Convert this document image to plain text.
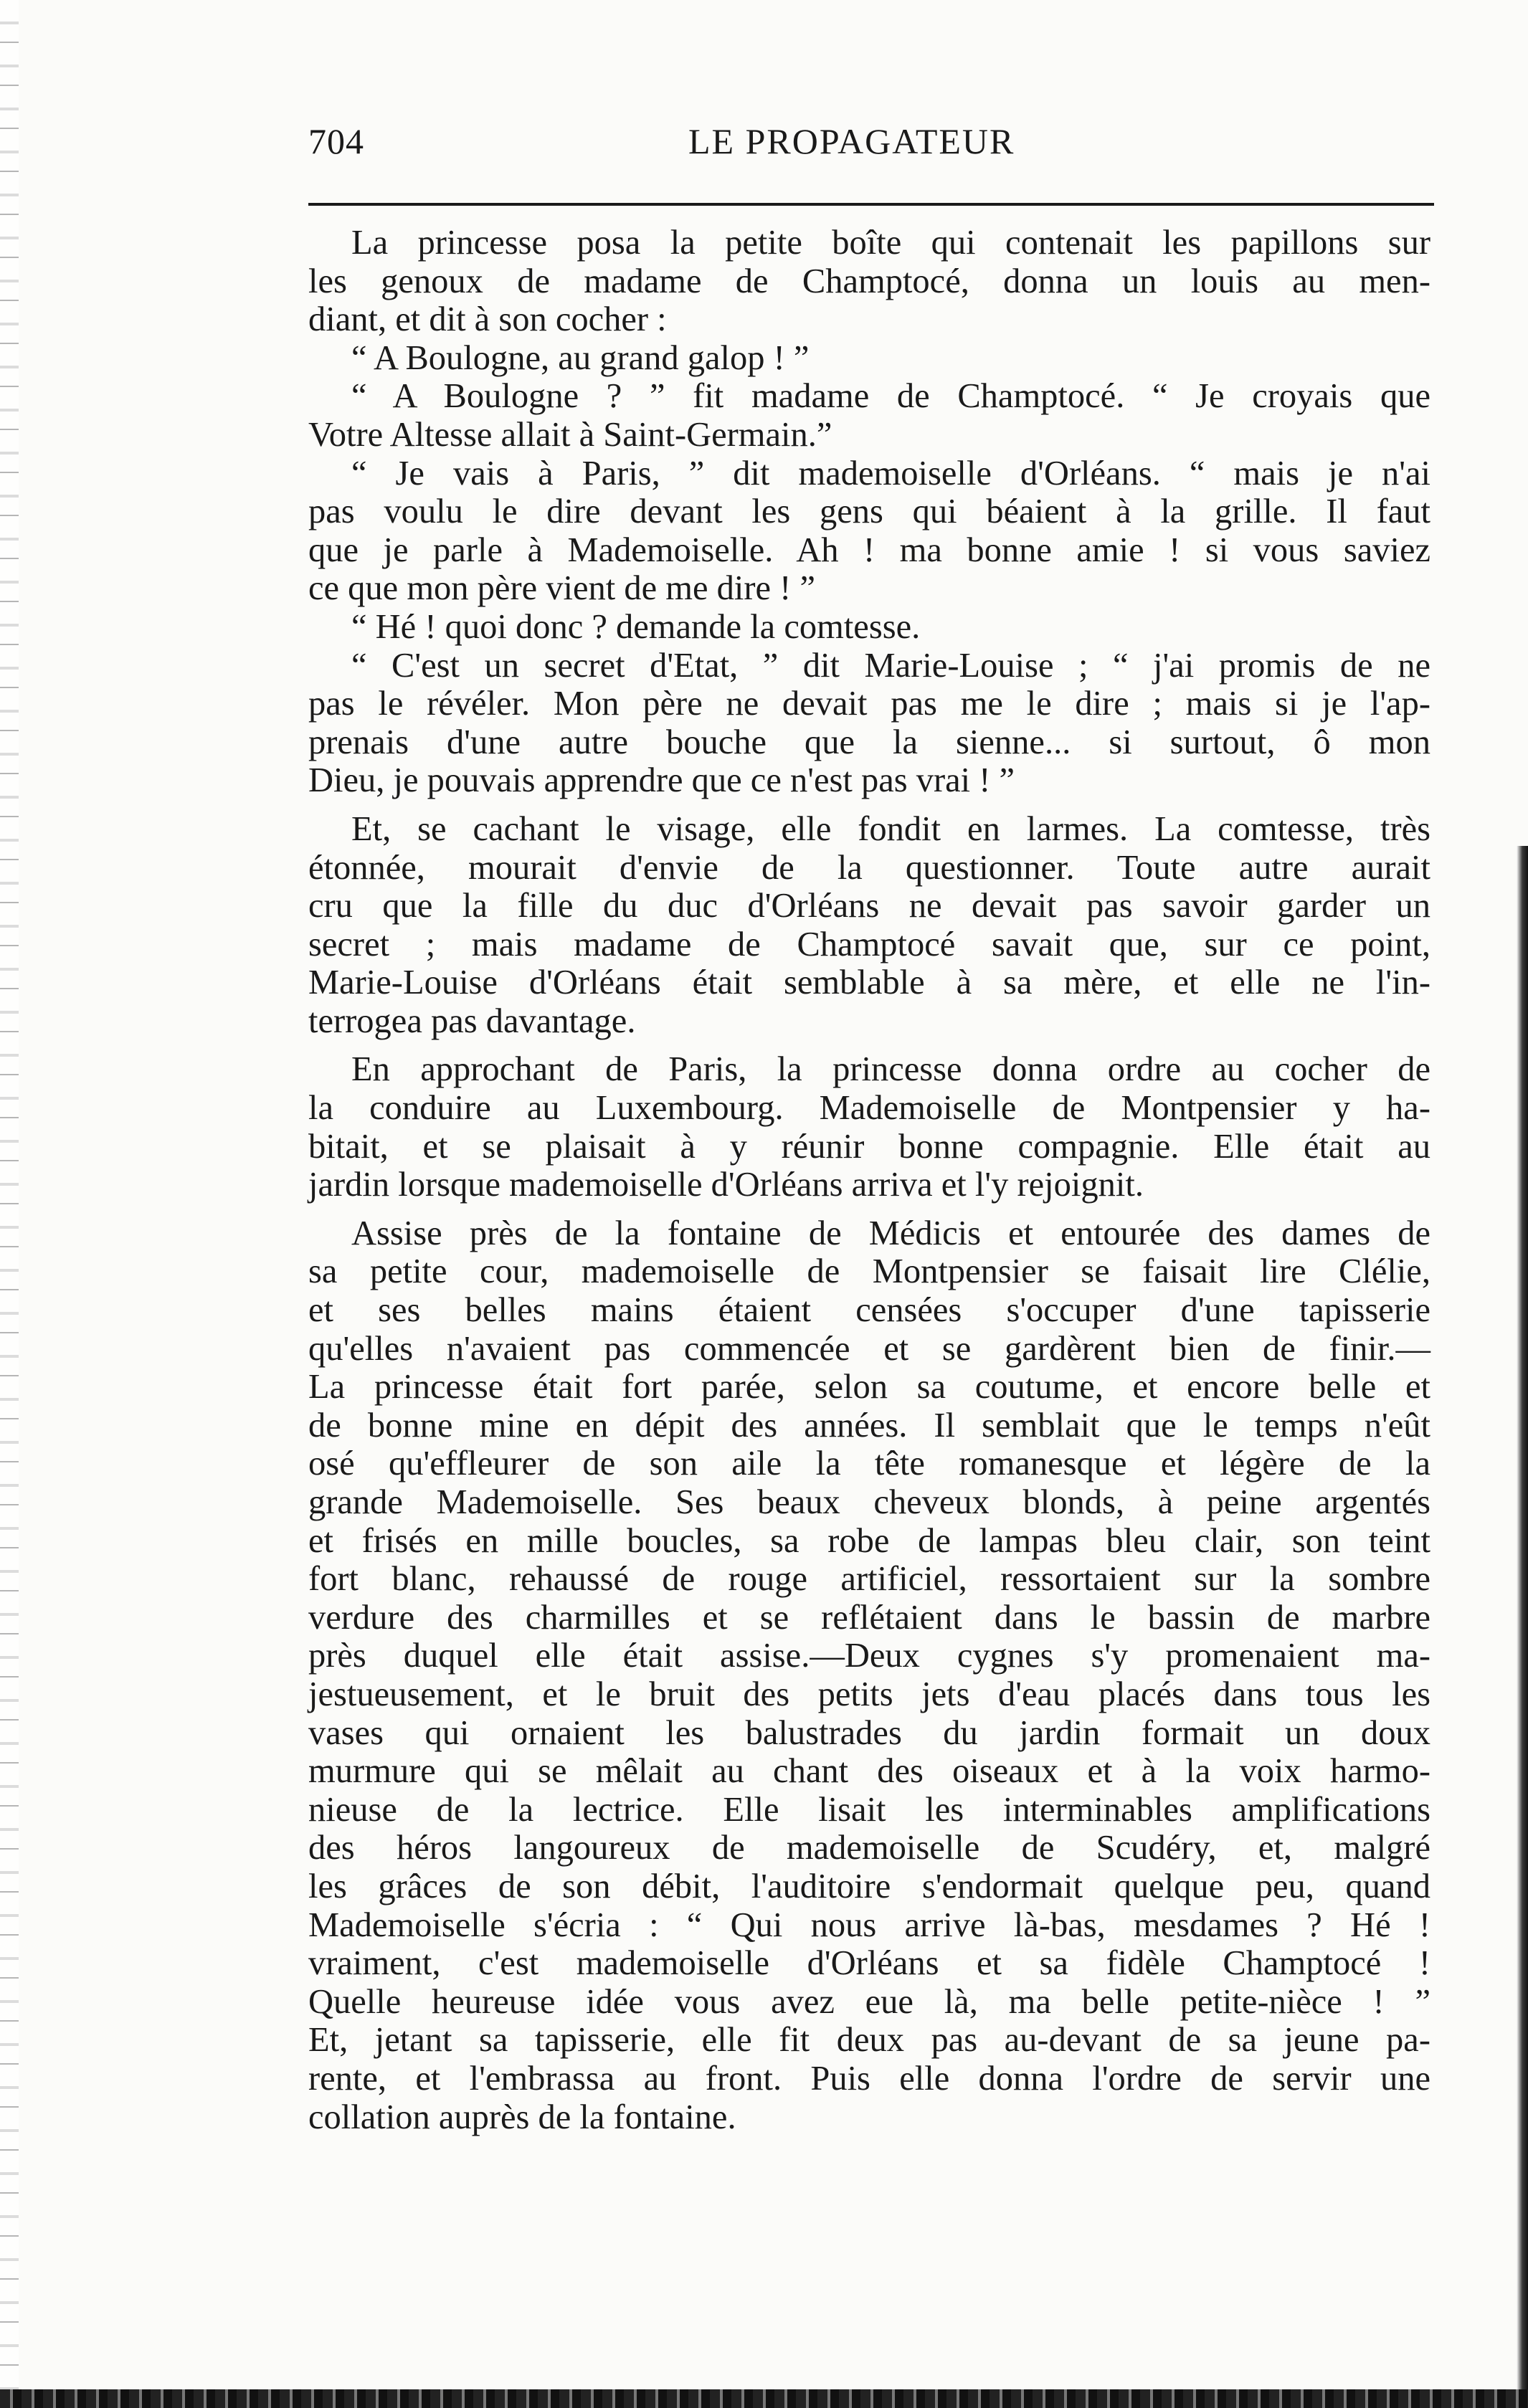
704	LE PROPAGATEUR

La princesse posa la petite boîte qui contenait les papillons sur
les genoux de madame de Champtocé, donna un louis au men-
diant, et dit à son cocher :

“ A Boulogne, au grand galop ! ”

“ A Boulogne ? ” fit madame de Champtocé. “ Je croyais que
Votre Altesse allait à Saint-Germain.”

“ Je vais à Paris, ” dit mademoiselle d'Orléans. “ mais je n'ai
pas voulu le dire devant les gens qui béaient à la grille. Il faut
que je parle à Mademoiselle. Ah ! ma bonne amie ! si vous saviez
ce que mon père vient de me dire ! ”

“ Hé ! quoi donc ? demande la comtesse.

“ C'est un secret d'Etat, ” dit Marie-Louise ; “ j'ai promis de ne
pas le révéler. Mon père ne devait pas me le dire ; mais si je l'ap-
prenais d'une autre bouche que la sienne... si surtout, ô mon
Dieu, je pouvais apprendre que ce n'est pas vrai ! ”

Et, se cachant le visage, elle fondit en larmes. La comtesse, très
étonnée, mourait d'envie de la questionner. Toute autre aurait
cru que la fille du duc d'Orléans ne devait pas savoir garder un
secret ; mais madame de Champtocé savait que, sur ce point,
Marie-Louise d'Orléans était semblable à sa mère, et elle ne l'in-
terrogea pas davantage.

En approchant de Paris, la princesse donna ordre au cocher de
la conduire au Luxembourg. Mademoiselle de Montpensier y ha-
bitait, et se plaisait à y réunir bonne compagnie. Elle était au
jardin lorsque mademoiselle d'Orléans arriva et l'y rejoignit.

Assise près de la fontaine de Médicis et entourée des dames de
sa petite cour, mademoiselle de Montpensier se faisait lire Clélie,
et ses belles mains étaient censées s'occuper d'une tapisserie
qu'elles n'avaient pas commencée et se gardèrent bien de finir.—
La princesse était fort parée, selon sa coutume, et encore belle et
de bonne mine en dépit des années. Il semblait que le temps n'eût
osé qu'effleurer de son aile la tête romanesque et légère de la
grande Mademoiselle. Ses beaux cheveux blonds, à peine argentés
et frisés en mille boucles, sa robe de lampas bleu clair, son teint
fort blanc, rehaussé de rouge artificiel, ressortaient sur la sombre
verdure des charmilles et se reflétaient dans le bassin de marbre
près duquel elle était assise.—Deux cygnes s'y promenaient ma-
jestueusement, et le bruit des petits jets d'eau placés dans tous les
vases qui ornaient les balustrades du jardin formait un doux
murmure qui se mêlait au chant des oiseaux et à la voix harmo-
nieuse de la lectrice. Elle lisait les interminables amplifications
des héros langoureux de mademoiselle de Scudéry, et, malgré
les grâces de son débit, l'auditoire s'endormait quelque peu, quand
Mademoiselle s'écria : “ Qui nous arrive là-bas, mesdames ? Hé !
vraiment, c'est mademoiselle d'Orléans et sa fidèle Champtocé !
Quelle heureuse idée vous avez eue là, ma belle petite-nièce ! ”
Et, jetant sa tapisserie, elle fit deux pas au-devant de sa jeune pa-
rente, et l'embrassa au front. Puis elle donna l'ordre de servir une
collation auprès de la fontaine.
